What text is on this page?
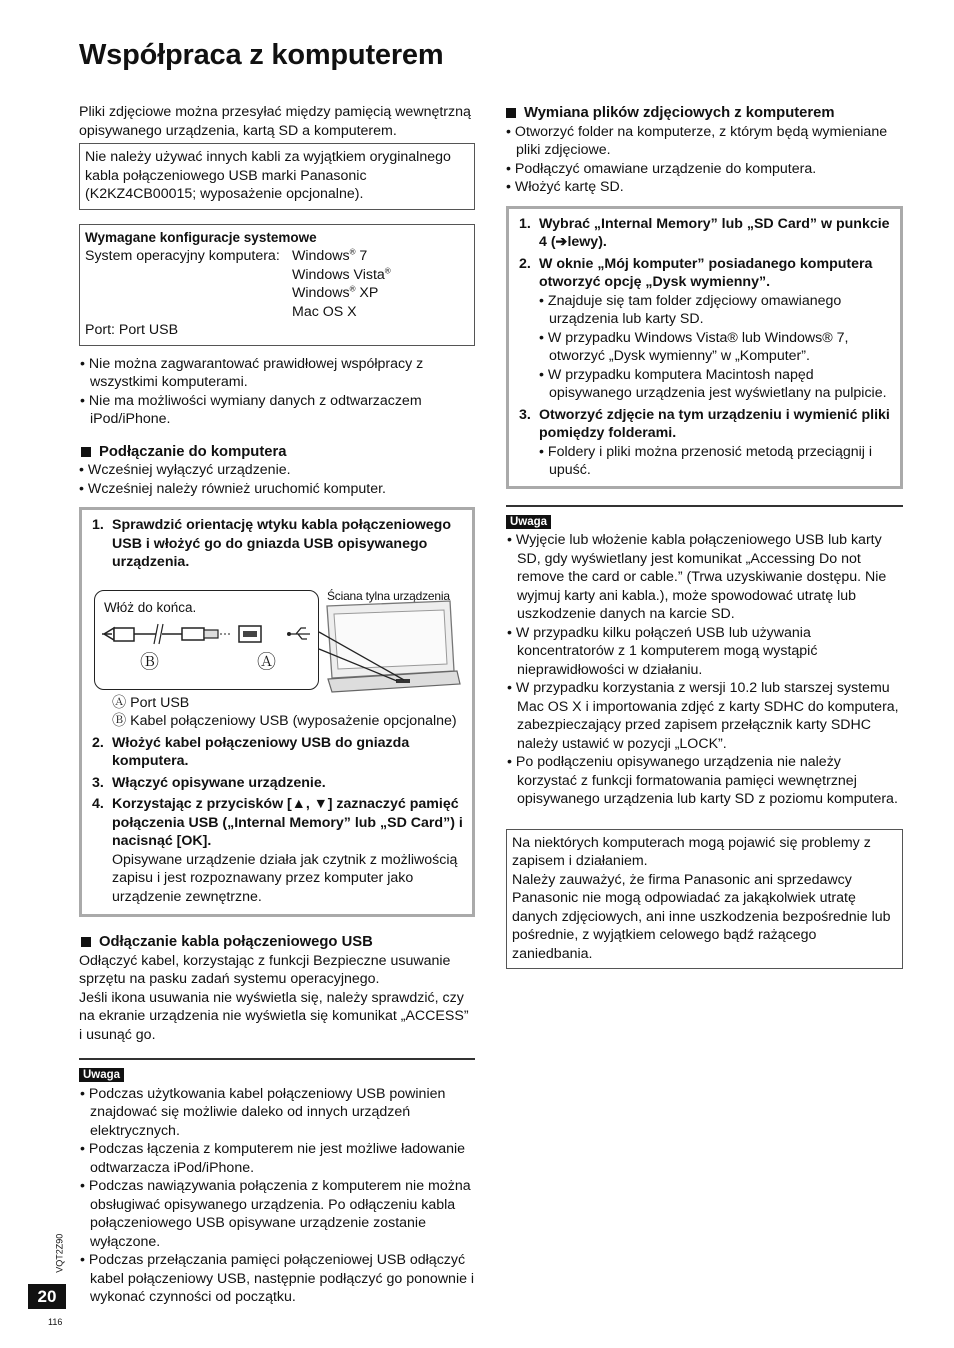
Współpraca z komputerem

Pliki zdjęciowe można przesyłać między pamięcią wewnętrzną opisywanego urządzenia, kartą SD a komputerem.

Nie należy używać innych kabli za wyjątkiem oryginalnego kabla połączeniowego USB marki Panasonic (K2KZ4CB00015; wyposażenie opcjonalne).

Wymagane konfiguracje systemowe

System operacyjny komputera: Windows® 7
Windows Vista®
Windows® XP
Mac OS X

Port: Port USB

• Nie można zagwarantować prawidłowej współpracy z wszystkimi komputerami.

• Nie ma możliwości wymiany danych z odtwarzaczem iPod/iPhone.

Podłączanie do komputera

• Wcześniej wyłączyć urządzenie.

• Wcześniej należy również uruchomić komputer.

1. Sprawdzić orientację wtyku kabla połączeniowego USB i włożyć go do gniazda USB opisywanego urządzenia.
Włóż do końca.
Ściana tylna urządzenia
Ⓑ	Ⓐ

Ⓐ Port USB

Ⓑ Kabel połączeniowy USB (wyposażenie opcjonalne)

2. Włożyć kabel połączeniowy USB do gniazda komputera.
3. Włączyć opisywane urządzenie.
4. Korzystając z przycisków [▲, ▼] zaznaczyć pamięć połączenia USB („Internal Memory” lub „SD Card”) i nacisnąć [OK].

Opisywane urządzenie działa jak czytnik z możliwością zapisu i jest rozpoznawany przez komputer jako urządzenie zewnętrzne.

Odłączanie kabla połączeniowego USB

Odłączyć kabel, korzystając z funkcji Bezpieczne usuwanie sprzętu na pasku zadań systemu operacyjnego.

Jeśli ikona usuwania nie wyświetla się, należy sprawdzić, czy na ekranie urządzenia nie wyświetla się komunikat „ACCESS” i usunąć go.

Uwaga

• Podczas użytkowania kabel połączeniowy USB powinien znajdować się możliwie daleko od innych urządzeń elektrycznych.

• Podczas łączenia z komputerem nie jest możliwe ładowanie odtwarzacza iPod/iPhone.

• Podczas nawiązywania połączenia z komputerem nie można obsługiwać opisywanego urządzenia. Po odłączeniu kabla połączeniowego USB opisywane urządzenie zostanie wyłączone.

• Podczas przełączania pamięci połączeniowej USB odłączyć kabel połączeniowy USB, następnie podłączyć go ponownie i wykonać czynności od początku.

Wymiana plików zdjęciowych z komputerem

• Otworzyć folder na komputerze, z którym będą wymieniane pliki zdjęciowe.

• Podłączyć omawiane urządzenie do komputera.

• Włożyć kartę SD.

1. Wybrać „Internal Memory” lub „SD Card” w punkcie 4 (➔lewy).
2. W oknie „Mój komputer” posiadanego komputera otworzyć opcję „Dysk wymienny”.

• Znajduje się tam folder zdjęciowy omawianego urządzenia lub karty SD.

• W przypadku Windows Vista® lub Windows® 7, otworzyć „Dysk wymienny” w „Komputer”.

• W przypadku komputera Macintosh napęd opisywanego urządzenia jest wyświetlany na pulpicie.

3. Otworzyć zdjęcie na tym urządzeniu i wymienić pliki pomiędzy folderami.

• Foldery i pliki można przenosić metodą przeciągnij i upuść.

Uwaga

• Wyjęcie lub włożenie kabla połączeniowego USB lub karty SD, gdy wyświetlany jest komunikat „Accessing Do not remove the card or cable.” (Trwa uzyskiwanie dostępu. Nie wyjmuj karty ani kabla.), może spowodować utratę lub uszkodzenie danych na karcie SD.

• W przypadku kilku połączeń USB lub używania koncentratorów z 1 komputerem mogą wystąpić nieprawidłowości w działaniu.

• W przypadku korzystania z wersji 10.2 lub starszej systemu Mac OS X i importowania zdjęć z karty SDHC do komputera, zabezpieczający przed zapisem przełącznik karty SDHC należy ustawić w pozycji „LOCK”.

• Po podłączeniu opisywanego urządzenia nie należy korzystać z funkcji formatowania pamięci wewnętrznej opisywanego urządzenia lub karty SD z poziomu komputera.

Na niektórych komputerach mogą pojawić się problemy z zapisem i działaniem.

Należy zauważyć, że firma Panasonic ani sprzedawcy Panasonic nie mogą odpowiadać za jakąkolwiek utratę danych zdjęciowych, ani inne uszkodzenia bezpośrednie lub pośrednie, z wyjątkiem celowego bądź rażącego zaniedbania.

VQT2Z90
20
116
